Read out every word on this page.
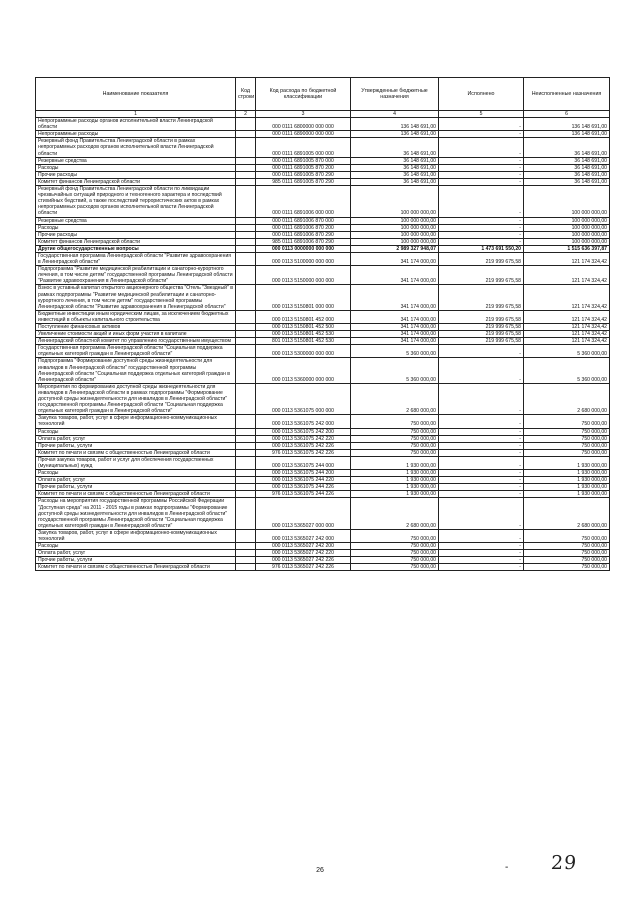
Наименование показателя	Код строки	Код расхода по бюджетной классификации	Утвержденные бюджетные назначения	Исполнено	Неисполненные назначения
1	2	3	4	5	6
Непрограммные расходы органов исполнительной власти Ленинградской области		000 0111 6800000 000 000	136 148 691,00	-	136 148 691,00
Непрограммные расходы		000 0111 6890000 000 000	136 148 691,00	-	136 148 691,00
Резервный фонд Правительства Ленинградской области в рамках непрограммных расходов органов исполнительной власти Ленинградской области		000 0111 6891005 000 000	36 148 691,00	-	36 148 691,00
Резервные средства		000 0111 6891005 870 000	36 148 691,00	-	36 148 691,00
Расходы		000 0111 6891005 870 200	36 148 691,00	-	36 148 691,00
Прочие расходы		000 0111 6891005 870 290	36 148 691,00	-	36 148 691,00
Комитет финансов Ленинградской области		985 0111 6891005 870 290	36 148 691,00	-	36 148 691,00
Резервный фонд Правительства Ленинградской области по ликвидации чрезвычайных ситуаций природного и техногенного характера и последствий стихийных бедствий, а также последствий террористических актов в рамках непрограммных расходов органов исполнительной власти Ленинградской области		000 0111 6891006 000 000	100 000 000,00	-	100 000 000,00
Резервные средства		000 0111 6891006 870 000	100 000 000,00	-	100 000 000,00
Расходы		000 0111 6891006 870 200	100 000 000,00	-	100 000 000,00
Прочие расходы		000 0111 6891006 870 290	100 000 000,00	-	100 000 000,00
Комитет финансов Ленинградской области		985 0111 6891006 870 290	100 000 000,00	-	100 000 000,00
Другие общегосударственные вопросы		000 0113 0000000 000 000	2 989 327 948,07	1 473 691 550,20	1 515 636 397,87
Государственная программа Ленинградской области "Развитие здравоохранения в Ленинградской области"		000 0113 5100000 000 000	341 174 000,00	219 999 675,58	121 174 324,42
Подпрограмма "Развитие медицинской реабилитации и санаторно-курортного лечения, в том числе детям" государственной программы Ленинградской области "Развитие здравоохранения в Ленинградской области"		000 0113 5150000 000 000	341 174 000,00	219 999 675,58	121 174 324,42
Взнос в уставный капитал открытого акционерного общества "Отель "Звездный" в рамках подпрограммы "Развитие медицинской реабилитации и санаторно-курортного лечения, в том числе детям" государственной программы Ленинградской области "Развитие здравоохранения в Ленинградской области"		000 0113 5150801 000 000	341 174 000,00	219 999 675,58	121 174 324,42
Бюджетные инвестиции иным юридическим лицам, за исключением бюджетных инвестиций в объекты капитального строительства		000 0113 5150801 452 000	341 174 000,00	219 999 675,58	121 174 324,42
Поступление финансовых активов		000 0113 5150801 452 500	341 174 000,00	219 999 675,58	121 174 324,42
Увеличение стоимости акций и иных форм участия в капитале		000 0113 5150801 452 530	341 174 000,00	219 999 675,58	121 174 324,42
Ленинградский областной комитет по управлению государственным имуществом		801 0113 5150801 452 530	341 174 000,00	219 999 675,58	121 174 324,42
Государственная программа Ленинградской области "Социальная поддержка отдельных категорий граждан в Ленинградской области"		000 0113 5300000 000 000	5 360 000,00	-	5 360 000,00
Подпрограмма "Формирование доступной среды жизнедеятельности для инвалидов в Ленинградской области" государственной программы Ленинградской области "Социальная поддержка отдельных категорий граждан в Ленинградской области"		000 0113 5360000 000 000	5 360 000,00	-	5 360 000,00
Мероприятия по формированию доступной среды жизнедеятельности для инвалидов в Ленинградской области в рамках подпрограммы "Формирование доступной среды жизнедеятельности для инвалидов в Ленинградской области" государственной программы Ленинградской области "Социальная поддержка отдельных категорий граждан в Ленинградской области"		000 0113 5361075 000 000	2 680 000,00	-	2 680 000,00
Закупка товаров, работ, услуг в сфере информационно-коммуникационных технологий		000 0113 5361075 242 000	750 000,00	-	750 000,00
Расходы		000 0113 5361075 242 200	750 000,00	-	750 000,00
Оплата работ, услуг		000 0113 5361075 242 220	750 000,00	-	750 000,00
Прочие работы, услуги		000 0113 5361075 242 226	750 000,00	-	750 000,00
Комитет по печати и связям с общественностью Ленинградской области		976 0113 5361075 242 226	750 000,00	-	750 000,00
Прочая закупка товаров, работ и услуг для обеспечения государственных (муниципальных) нужд		000 0113 5361075 244 000	1 930 000,00	-	1 930 000,00
Расходы		000 0113 5361075 244 200	1 930 000,00	-	1 930 000,00
Оплата работ, услуг		000 0113 5361075 244 220	1 930 000,00	-	1 930 000,00
Прочие работы, услуги		000 0113 5361075 244 226	1 930 000,00	-	1 930 000,00
Комитет по печати и связям с общественностью Ленинградской области		976 0113 5361075 244 226	1 930 000,00	-	1 930 000,00
Расходы на мероприятия государственной программы Российской Федерации "Доступная среда" на 2011 - 2015 годы в рамках подпрограммы "Формирование доступной среды жизнедеятельности для инвалидов в Ленинградской области" государственной программы Ленинградской области "Социальная поддержка отдельных категорий граждан в Ленинградской области"		000 0113 5365027 000 000	2 680 000,00	-	2 680 000,00
Закупка товаров, работ, услуг в сфере информационно-коммуникационных технологий		000 0113 5365027 242 000	750 000,00	-	750 000,00
Расходы		000 0113 5365027 242 200	750 000,00	-	750 000,00
Оплата работ, услуг		000 0113 5365027 242 220	750 000,00	-	750 000,00
Прочие работы, услуги		000 0113 5365027 242 226	750 000,00	-	750 000,00
Комитет по печати и связям с общественностью Ленинградской области		976 0113 5365027 242 226	750 000,00	-	750 000,00
26	- 29
